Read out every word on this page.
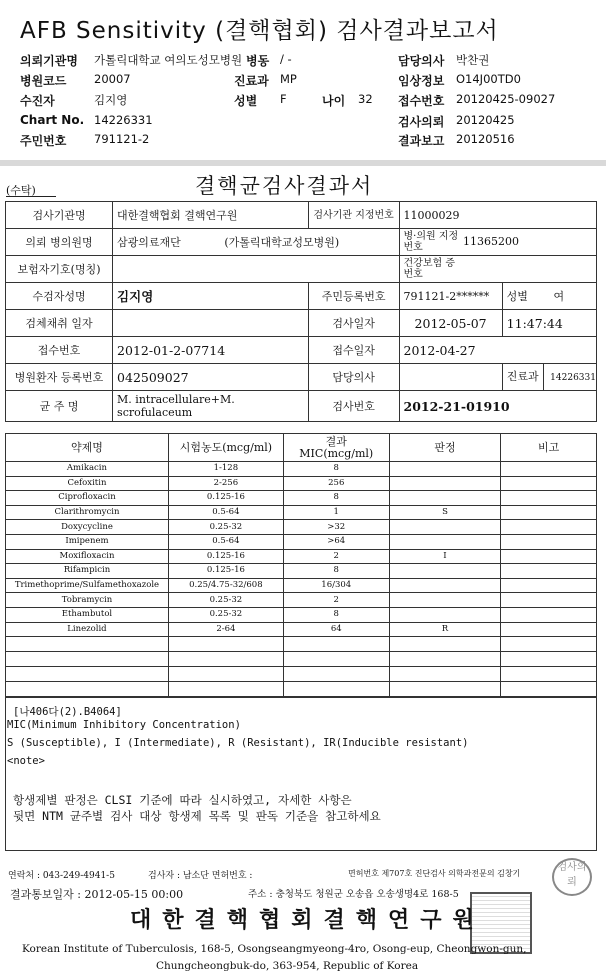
AFB Sensitivity (결핵협회) 검사결과보고서
의뢰기관명 가톨릭대학교 여의도성모병원 병동 / -	담당의사 박찬권
병원코드 20007	진료과 MP	임상정보 O14J00TD0
수진자	김지영	성별 F	나이 32 접수번호 20120425-09027
Chart No. 14226331	검사의뢰 20120425
주민번호 791121-2	결과보고 20120516
(수탁)	결핵균검사결과서
검사기관명	대한결핵협회 결핵연구원	검사기관 지정번호	11000029	
의뢰 병의원명	삼광의료재단 (가톨릭대학교성모병원)		병·의원 지정번호 11365200	
보험자기호(명칭)			건강보험 증번호	
수검자성명	김지영	주민등록번호	791121-2******	성별 여
검체채취 일자		검사일자	2012-05-07	11:47:44
접수번호	2012-01-2-07714	접수일자	2012-04-27	
병원환자 등록번호	042509027	담당의사		진료과 14226331
균 주 명	M. intracellulare+M.
scrofulaceum	검사번호	2012-21-01910	
약제명	시험농도(mcg/ml)	결과
MIC(mcg/ml)	판정	비고
Amikacin	1-128	8		
Cefoxitin	2-256	256		
Ciprofloxacin	0.125-16	8		
Clarithromycin	0.5-64	1	S	
Doxycycline	0.25-32	>32		
Imipenem	0.5-64	>64		
Moxifloxacin	0.125-16	2	I	
Rifampicin	0.125-16	8		
Trimethoprime/Sulfamethoxazole	0.25/4.75-32/608	16/304		
Tobramycin	0.25-32	2		
Ethambutol	0.25-32	8		
Linezolid	2-64	64	R	

[나406다(2).B4064]
MIC(Minimum Inhibitory Concentration)
S (Susceptible), I (Intermediate), R (Resistant), IR(Inducible resistant)
<note>
항생제별 판정은 CLSI 기준에 따라 실시하였고, 자세한 사항은
뒷면 NTM 균주별 검사 대상 항생제 목록 및 판독 기준을 참고하세요
연락처 : 043-249-4941-5	검사자 : 남소단 면허번호 :	면허번호 제707호 진단검사 의학과전문의 김창기
결과통보일자 : 2012-05-15 00:00	주소 : 충청북도 청원군 오송읍 오송생명4로 168-5
검사의뢰
대한결핵협회결핵연구원
Korean Institute of Tuberculosis, 168-5, Osongseangmyeong-4ro, Osong-eup, Cheongwon-gun,
Chungcheongbuk-do, 363-954, Republic of Korea
